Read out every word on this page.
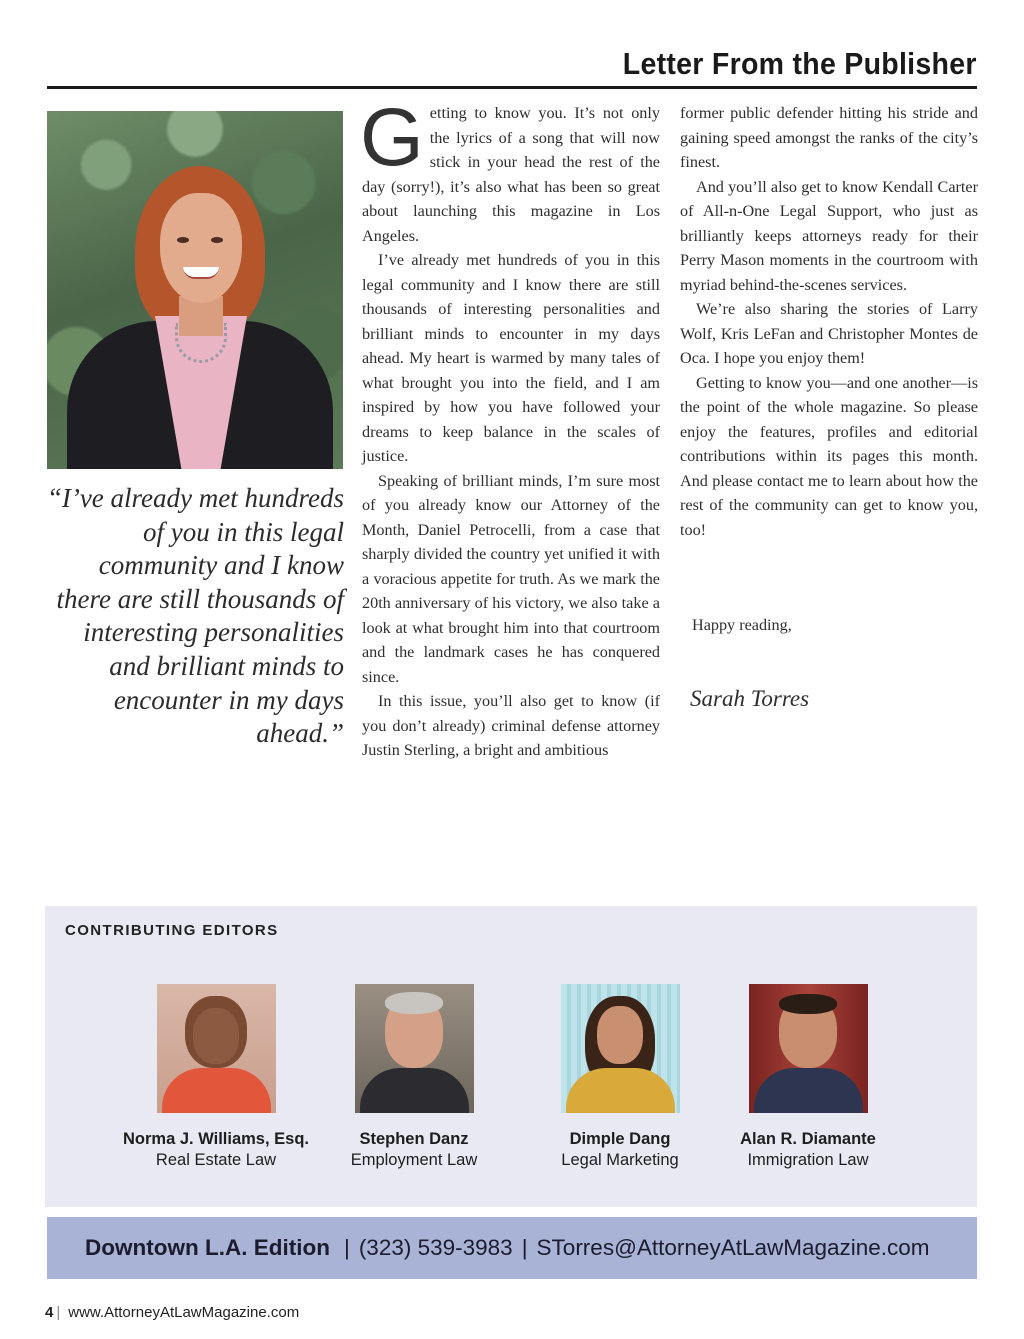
Letter From the Publisher
“I’ve already met hundreds of you in this legal community and I know there are still thousands of interesting personalities and brilliant minds to encounter in my days ahead.”

Getting to know you. It’s not only the lyrics of a song that will now stick in your head the rest of the day (sorry!), it’s also what has been so great about launching this magazine in Los Angeles.

I’ve already met hundreds of you in this legal community and I know there are still thousands of interesting personalities and brilliant minds to encounter in my days ahead. My heart is warmed by many tales of what brought you into the field, and I am inspired by how you have followed your dreams to keep balance in the scales of justice.

Speaking of brilliant minds, I’m sure most of you already know our Attorney of the Month, Daniel Petrocelli, from a case that sharply divided the country yet unified it with a voracious appetite for truth. As we mark the 20th anniversary of his victory, we also take a look at what brought him into that courtroom and the landmark cases he has conquered since.

In this issue, you’ll also get to know (if you don’t already) criminal defense attorney Justin Sterling, a bright and ambitious

former public defender hitting his stride and gaining speed amongst the ranks of the city’s finest.

And you’ll also get to know Kendall Carter of All-n-One Legal Support, who just as brilliantly keeps attorneys ready for their Perry Mason moments in the courtroom with myriad behind-the-scenes services.

We’re also sharing the stories of Larry Wolf, Kris LeFan and Christopher Montes de Oca. I hope you enjoy them!

Getting to know you—and one another—is the point of the whole magazine. So please enjoy the features, profiles and editorial contributions within its pages this month. And please contact me to learn about how the rest of the community can get to know you, too!

Happy reading,
Sarah Torres
CONTRIBUTING EDITORS
Norma J. Williams, Esq.
Real Estate Law
Stephen Danz
Employment Law
Dimple Dang
Legal Marketing
Alan R. Diamante
Immigration Law
Downtown L.A. Edition | (323) 539-3983 | STorres@AttorneyAtLawMagazine.com
4 | www.AttorneyAtLawMagazine.com
